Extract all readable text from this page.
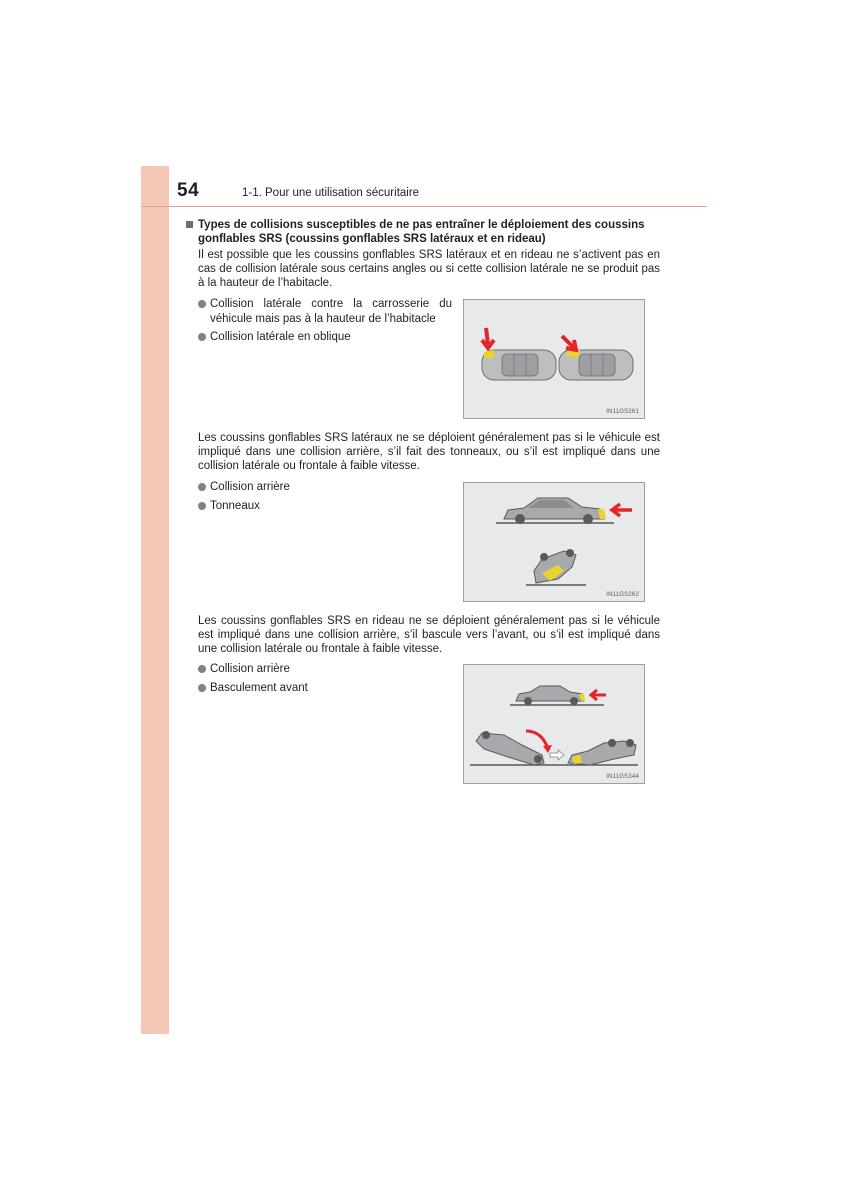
54	1-1. Pour une utilisation sécuritaire
Types de collisions susceptibles de ne pas entraîner le déploiement des coussins gonflables SRS (coussins gonflables SRS latéraux et en rideau)
Il est possible que les coussins gonflables SRS latéraux et en rideau ne s’activent pas en cas de collision latérale sous certains angles ou si cette collision latérale ne se produit pas à la hauteur de l’habitacle.
Collision latérale contre la carrosserie du véhicule mais pas à la hauteur de l’habitacle
Collision latérale en oblique
IN11GS261
Les coussins gonflables SRS latéraux ne se déploient généralement pas si le véhicule est impliqué dans une collision arrière, s’il fait des tonneaux, ou s’il est impliqué dans une collision latérale ou frontale à faible vitesse.
Collision arrière
Tonneaux
IN11GS262
Les coussins gonflables SRS en rideau ne se déploient généralement pas si le véhicule est impliqué dans une collision arrière, s’il bascule vers l’avant, ou s’il est impliqué dans une collision latérale ou frontale à faible vitesse.
Collision arrière
Basculement avant
IN11GS344
